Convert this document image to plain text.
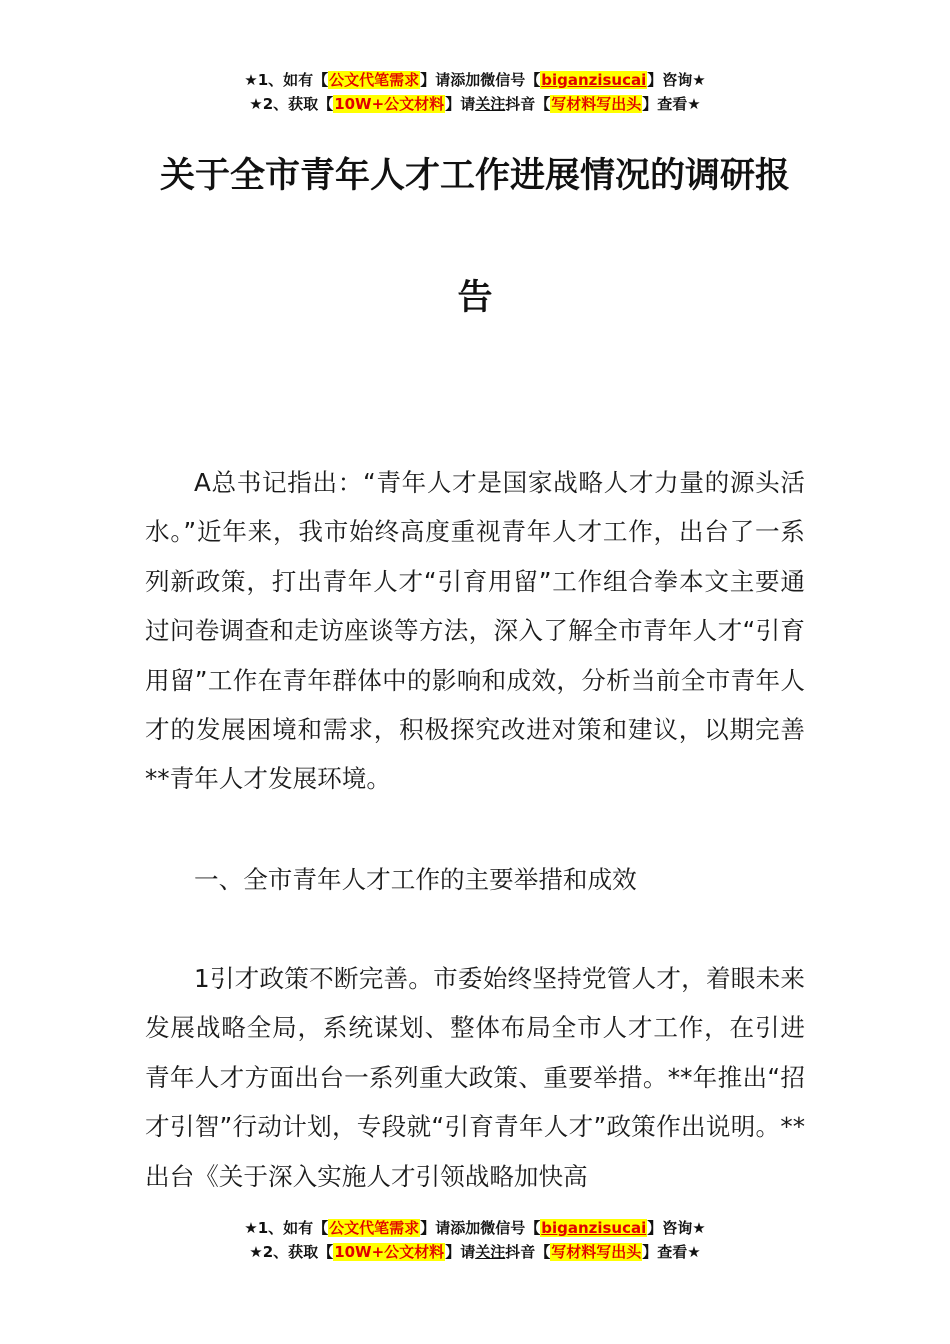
★1、如有【公文代笔需求】请添加微信号【biganzisucai】咨询★
★2、获取【10W+公文材料】请关注抖音【写材料写出头】查看★
关于全市青年人才工作进展情况的调研报
告

A总书记指出：“青年人才是国家战略人才力量的源头活水。”近年来，我市始终高度重视青年人才工作，出台了一系列新政策，打出青年人才“引育用留”工作组合拳本文主要通过问卷调查和走访座谈等方法，深入了解全市青年人才“引育用留”工作在青年群体中的影响和成效，分析当前全市青年人才的发展困境和需求，积极探究改进对策和建议，以期完善**青年人才发展环境。

一、全市青年人才工作的主要举措和成效

1引才政策不断完善。市委始终坚持党管人才，着眼未来发展战略全局，系统谋划、整体布局全市人才工作，在引进青年人才方面出台一系列重大政策、重要举措。**年推出“招才引智”行动计划，专段就“引育青年人才”政策作出说明。**出台《关于深入实施人才引领战略加快高

★1、如有【公文代笔需求】请添加微信号【biganzisucai】咨询★
★2、获取【10W+公文材料】请关注抖音【写材料写出头】查看★
